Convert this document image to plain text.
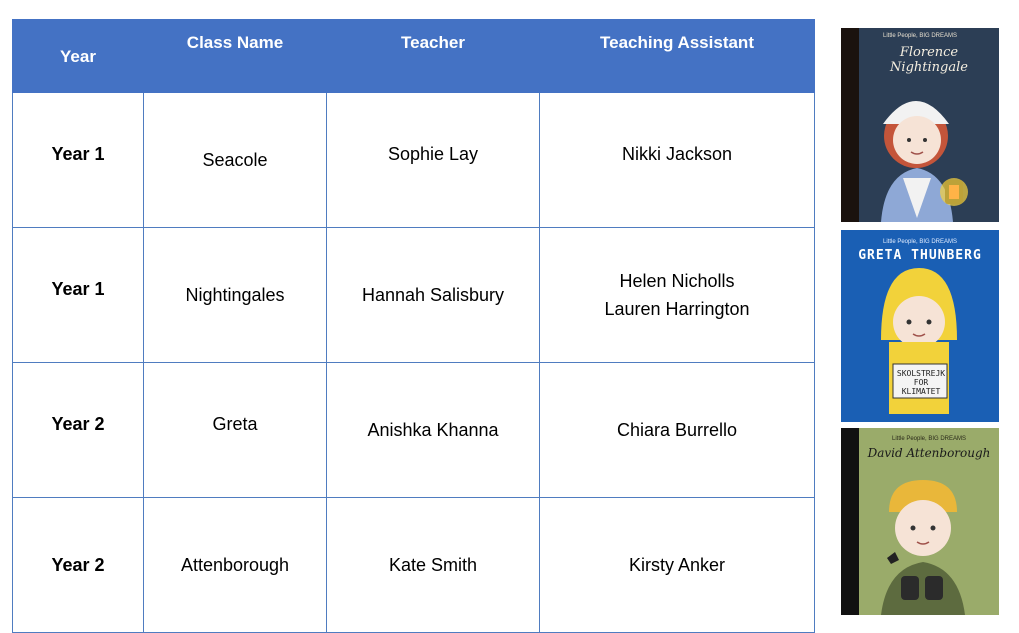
Year	Class Name	Teacher	Teaching Assistant

Year 1	Seacole	Sophie Lay	Nikki Jackson

Year 1	Nightingales	Hannah Salisbury	Helen Nicholls
Lauren Harrington

Year 2	Greta	Anishka Khanna	Chiara Burrello

Year 2	Attenborough	Kate Smith	Kirsty Anker
Little People, BIG DREAMS
Florence Nightingale
Little People, BIG DREAMS
GRETA THUNBERG
SKOLSTREJK
FOR
KLIMATET
Little People, BIG DREAMS
David Attenborough
